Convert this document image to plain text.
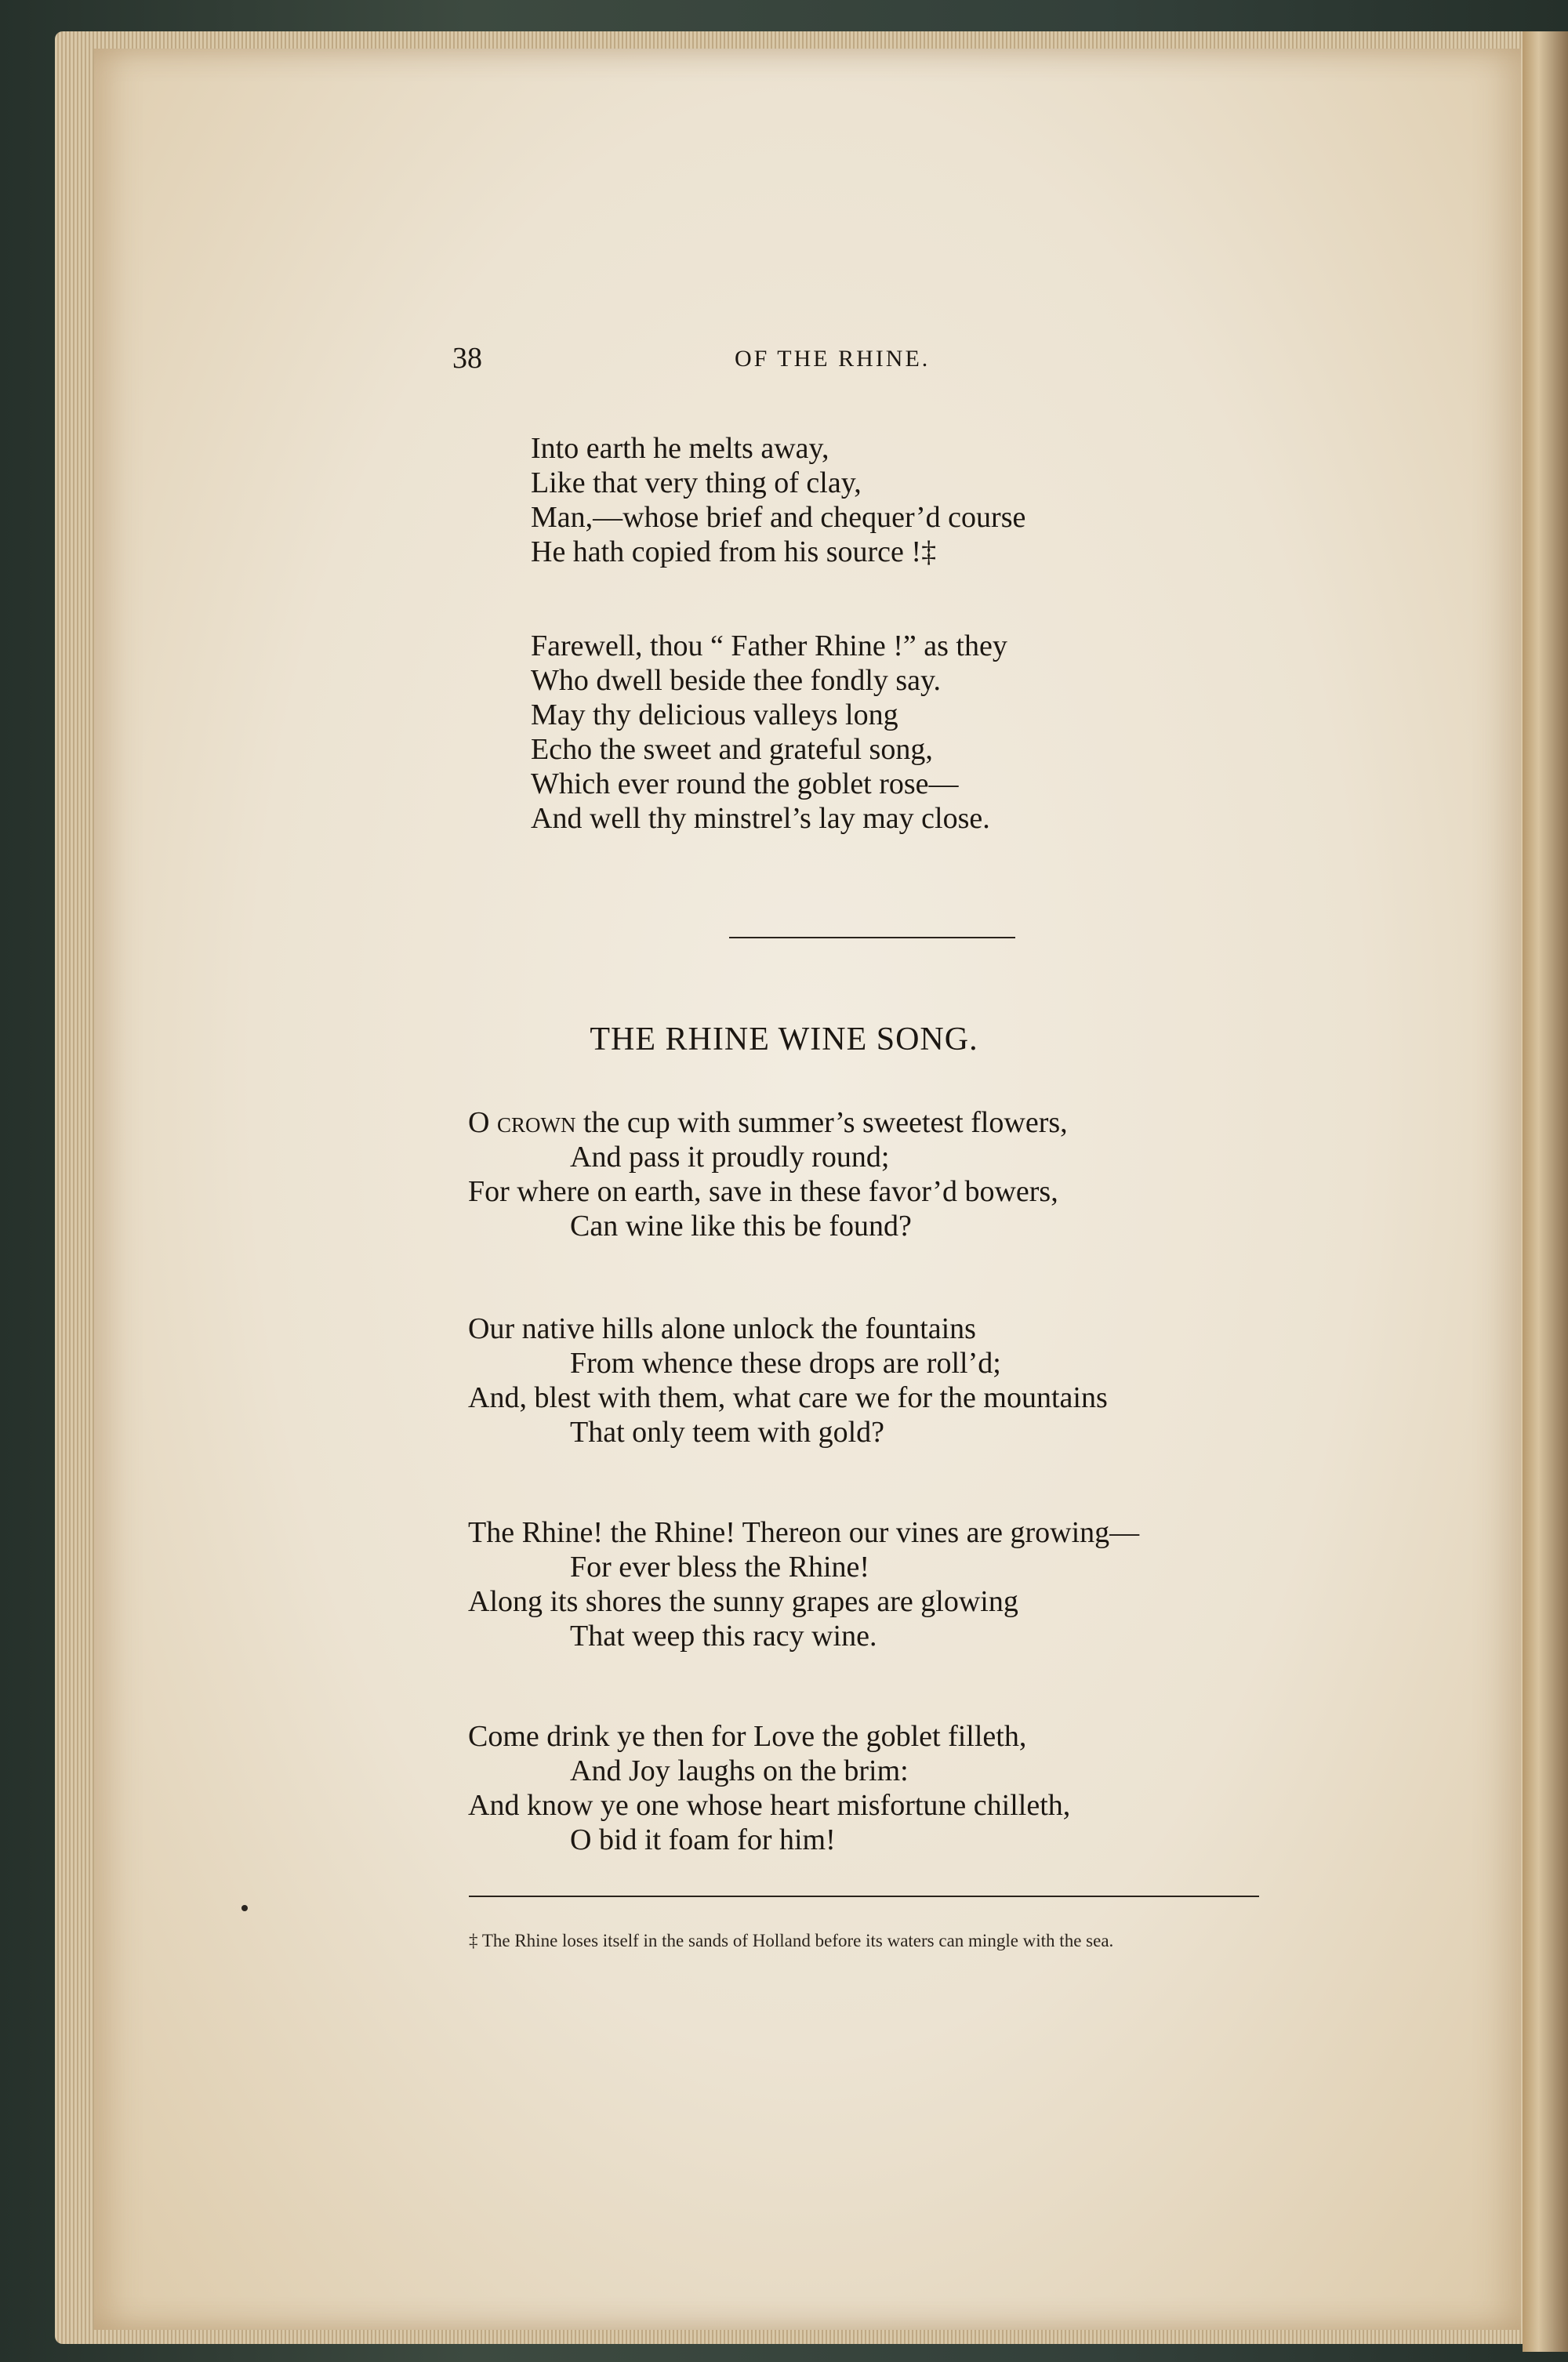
38	OF THE RHINE.
Into earth he melts away,
Like that very thing of clay,
Man,—whose brief and chequer’d course
He hath copied from his source !‡
Farewell, thou “ Father Rhine !” as they
Who dwell beside thee fondly say.
May thy delicious valleys long
Echo the sweet and grateful song,
Which ever round the goblet rose—
And well thy minstrel’s lay may close.
THE RHINE WINE SONG.
O crown the cup with summer’s sweetest flowers,
And pass it proudly round;
For where on earth, save in these favor’d bowers,
Can wine like this be found?
Our native hills alone unlock the fountains
From whence these drops are roll’d;
And, blest with them, what care we for the mountains
That only teem with gold?
The Rhine! the Rhine! Thereon our vines are growing—
For ever bless the Rhine!
Along its shores the sunny grapes are glowing
That weep this racy wine.
Come drink ye then for Love the goblet filleth,
And Joy laughs on the brim:
And know ye one whose heart misfortune chilleth,
O bid it foam for him!
‡ The Rhine loses itself in the sands of Holland before its waters can mingle with the sea.
